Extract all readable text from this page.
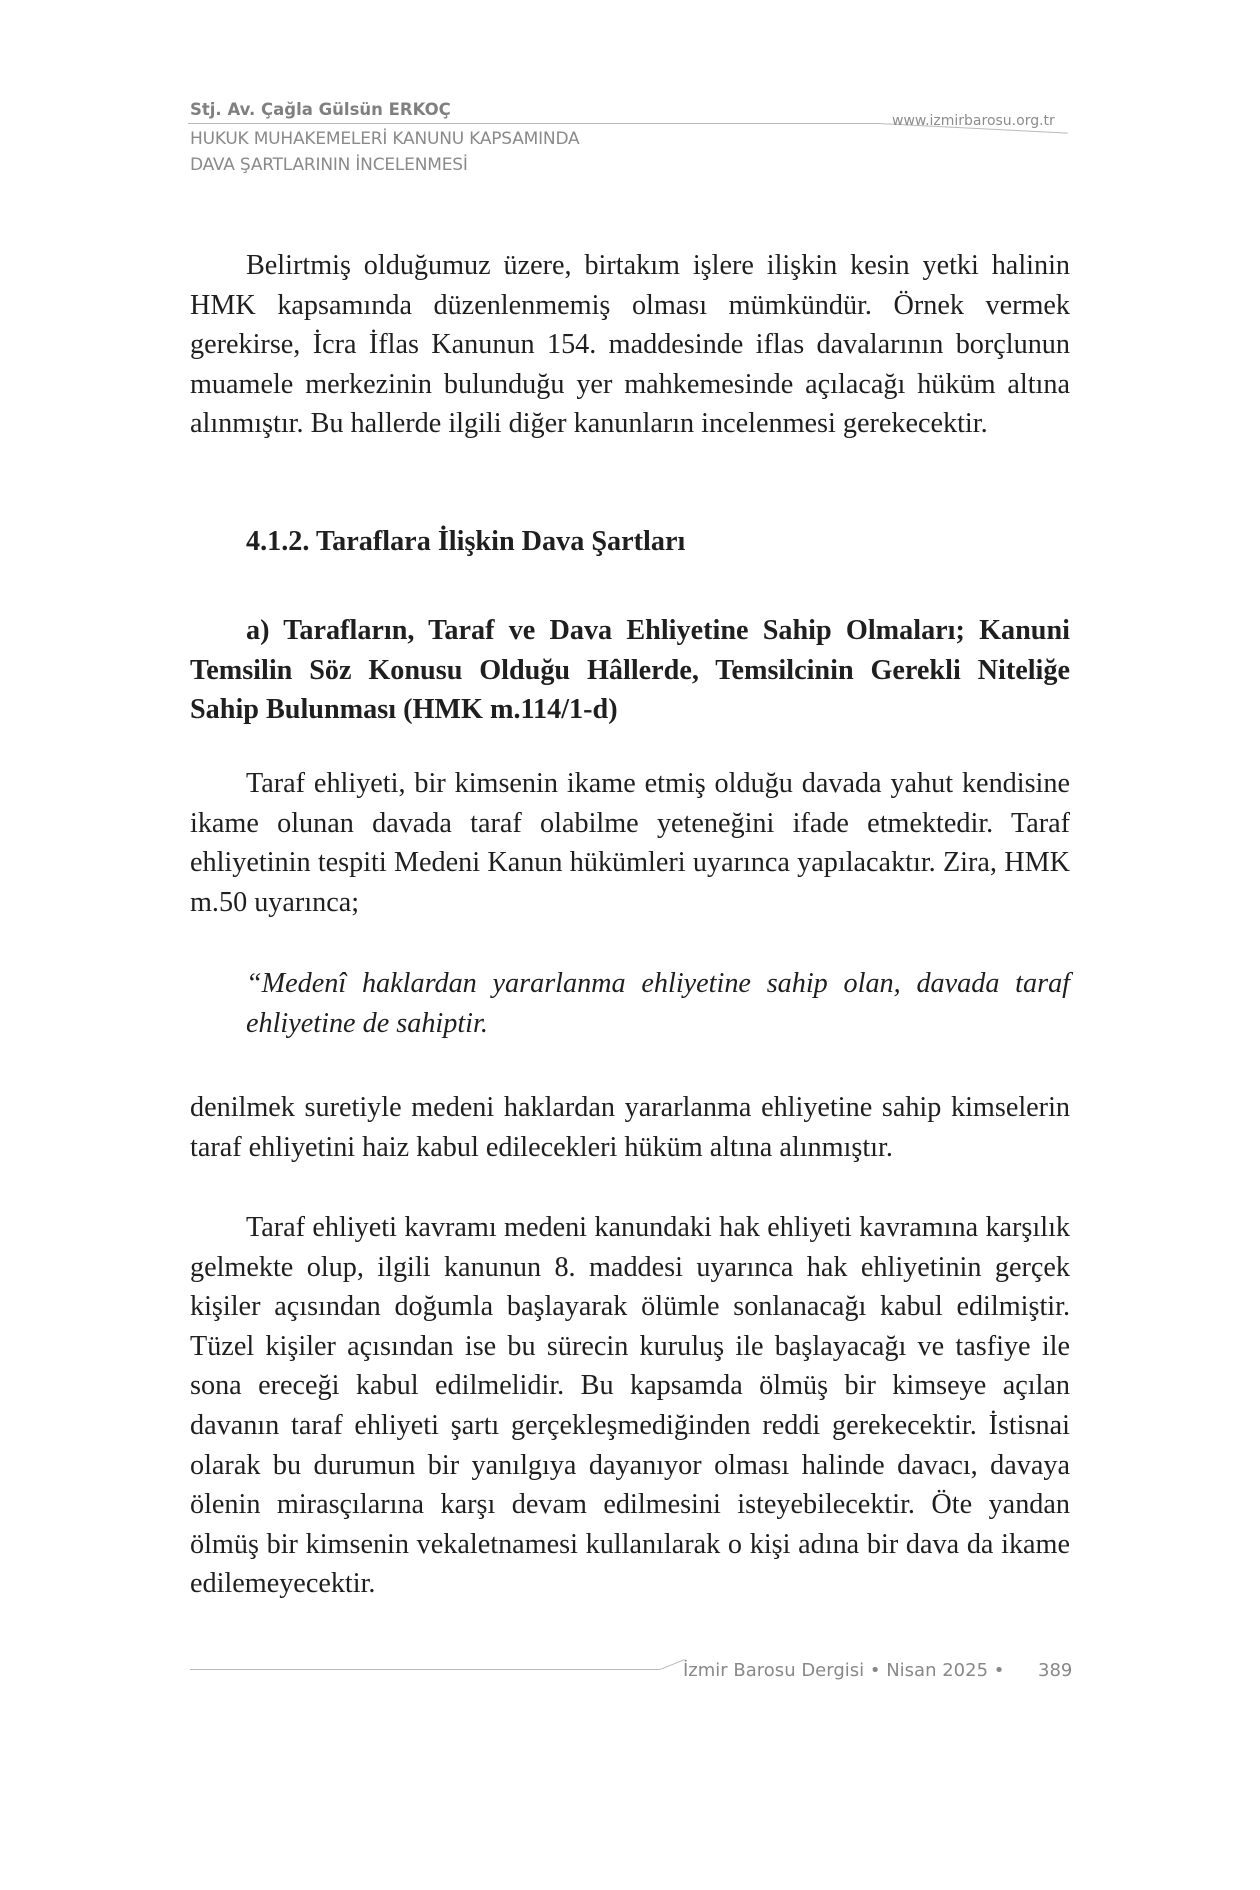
Stj. Av. Çağla Gülsün ERKOÇ
www.izmirbarosu.org.tr
HUKUK MUHAKEMELERİ KANUNU KAPSAMINDA
DAVA ŞARTLARININ İNCELENMESİ

Belirtmiş olduğumuz üzere, birtakım işlere ilişkin kesin yetki halinin HMK kapsamında düzenlenmemiş olması mümkündür. Örnek vermek gerekirse, İcra İflas Kanunun 154. maddesinde iflas davalarının borçlunun muamele merkezinin bulunduğu yer mahkemesinde açılacağı hüküm altına alınmıştır. Bu hallerde ilgili diğer kanunların incelenmesi gerekecektir.

4.1.2. Taraflara İlişkin Dava Şartları

a) Tarafların, Taraf ve Dava Ehliyetine Sahip Olmaları; Kanuni Temsilin Söz Konusu Olduğu Hâllerde, Temsilcinin Gerekli Niteliğe Sahip Bulunması (HMK m.114/1-d)

Taraf ehliyeti, bir kimsenin ikame etmiş olduğu davada yahut kendisine ikame olunan davada taraf olabilme yeteneğini ifade etmektedir. Taraf ehliyetinin tespiti Medeni Kanun hükümleri uyarınca yapılacaktır. Zira, HMK m.50 uyarınca;

“Medenî haklardan yararlanma ehliyetine sahip olan, davada taraf ehliyetine de sahiptir.

denilmek suretiyle medeni haklardan yararlanma ehliyetine sahip kimselerin taraf ehliyetini haiz kabul edilecekleri hüküm altına alınmıştır.

Taraf ehliyeti kavramı medeni kanundaki hak ehliyeti kavramına karşılık gelmekte olup, ilgili kanunun 8. maddesi uyarınca hak ehliyetinin gerçek kişiler açısından doğumla başlayarak ölümle sonlanacağı kabul edilmiştir. Tüzel kişiler açısından ise bu sürecin kuruluş ile başlayacağı ve tasfiye ile sona ereceği kabul edilmelidir. Bu kapsamda ölmüş bir kimseye açılan davanın taraf ehliyeti şartı gerçekleşmediğinden reddi gerekecektir. İstisnai olarak bu durumun bir yanılgıya dayanıyor olması halinde davacı, davaya ölenin mirasçılarına karşı devam edilmesini isteyebilecektir. Öte yandan ölmüş bir kimsenin vekaletnamesi kullanılarak o kişi adına bir dava da ikame edilemeyecektir.

İzmir Barosu Dergisi • Nisan 2025 • 389
